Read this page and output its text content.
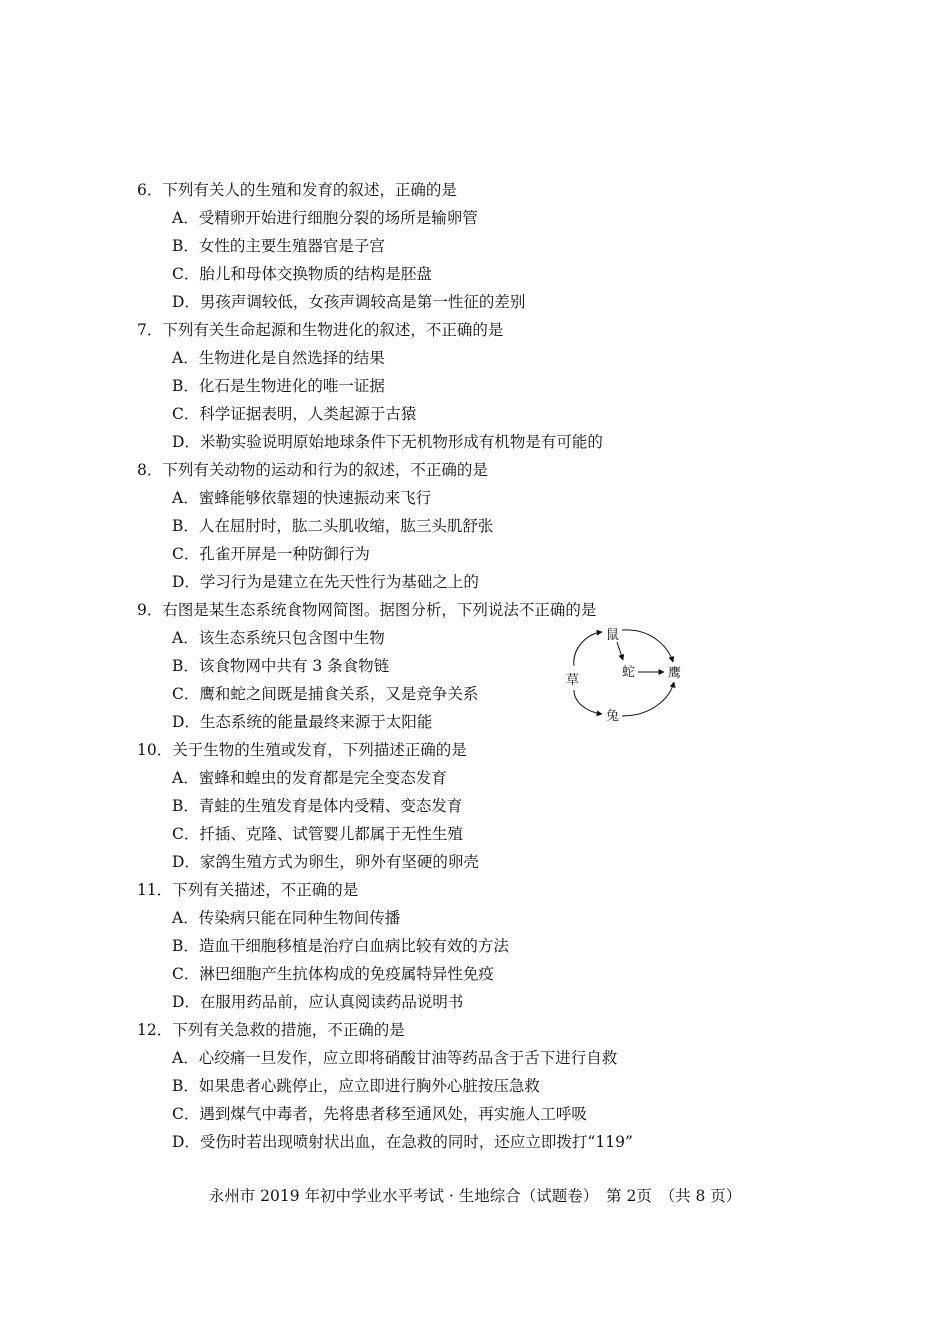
6．下列有关人的生殖和发育的叙述，正确的是
A．受精卵开始进行细胞分裂的场所是输卵管
B．女性的主要生殖器官是子宫
C．胎儿和母体交换物质的结构是胚盘
D．男孩声调较低，女孩声调较高是第一性征的差别
7．下列有关生命起源和生物进化的叙述，不正确的是
A．生物进化是自然选择的结果
B．化石是生物进化的唯一证据
C．科学证据表明，人类起源于古猿
D．米勒实验说明原始地球条件下无机物形成有机物是有可能的
8．下列有关动物的运动和行为的叙述，不正确的是
A．蜜蜂能够依靠翅的快速振动来飞行
B．人在屈肘时，肱二头肌收缩，肱三头肌舒张
C．孔雀开屏是一种防御行为
D．学习行为是建立在先天性行为基础之上的
9．右图是某生态系统食物网简图。据图分析，下列说法不正确的是
A．该生态系统只包含图中生物
B．该食物网中共有 3 条食物链
C．鹰和蛇之间既是捕食关系，又是竞争关系
D．生态系统的能量最终来源于太阳能
鼠
蛇	鹰
草
兔
10．关于生物的生殖或发育，下列描述正确的是
A．蜜蜂和蝗虫的发育都是完全变态发育
B．青蛙的生殖发育是体内受精、变态发育
C．扦插、克隆、试管婴儿都属于无性生殖
D．家鸽生殖方式为卵生，卵外有坚硬的卵壳
11．下列有关描述，不正确的是
A．传染病只能在同种生物间传播
B．造血干细胞移植是治疗白血病比较有效的方法
C．淋巴细胞产生抗体构成的免疫属特异性免疫
D．在服用药品前，应认真阅读药品说明书
12．下列有关急救的措施，不正确的是
A．心绞痛一旦发作，应立即将硝酸甘油等药品含于舌下进行自救
B．如果患者心跳停止，应立即进行胸外心脏按压急救
C．遇到煤气中毒者，先将患者移至通风处，再实施人工呼吸
D．受伤时若出现喷射状出血，在急救的同时，还应立即拨打“119”
永州市 2019 年初中学业水平考试 · 生地综合（试题卷）　第 2页　（共 8 页）
